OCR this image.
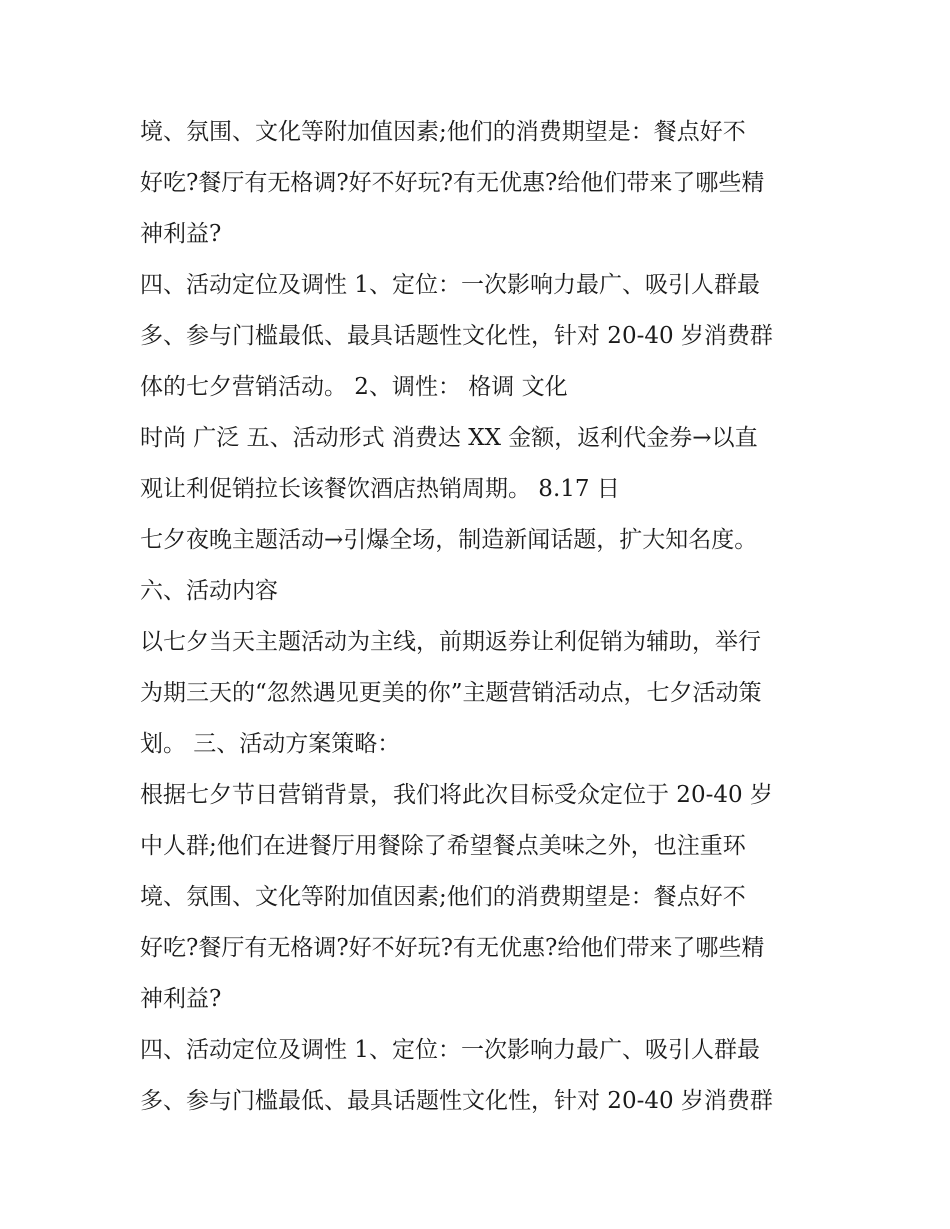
境、氛围、文化等附加值因素;他们的消费期望是：餐点好不
好吃?餐厅有无格调?好不好玩?有无优惠?给他们带来了哪些精
神利益?
四、活动定位及调性 1、定位：一次影响力最广、吸引人群最
多、参与门槛最低、最具话题性文化性，针对 20-40 岁消费群
体的七夕营销活动。 2、调性： 格调 文化
时尚 广泛 五、活动形式 消费达 XX 金额，返利代金券→以直
观让利促销拉长该餐饮酒店热销周期。 8.17 日
七夕夜晚主题活动→引爆全场，制造新闻话题，扩大知名度。
六、活动内容
以七夕当天主题活动为主线，前期返券让利促销为辅助，举行
为期三天的“忽然遇见更美的你”主题营销活动点，七夕活动策
划。 三、活动方案策略：
根据七夕节日营销背景，我们将此次目标受众定位于 20-40 岁
中人群;他们在进餐厅用餐除了希望餐点美味之外，也注重环
境、氛围、文化等附加值因素;他们的消费期望是：餐点好不
好吃?餐厅有无格调?好不好玩?有无优惠?给他们带来了哪些精
神利益?
四、活动定位及调性 1、定位：一次影响力最广、吸引人群最
多、参与门槛最低、最具话题性文化性，针对 20-40 岁消费群
